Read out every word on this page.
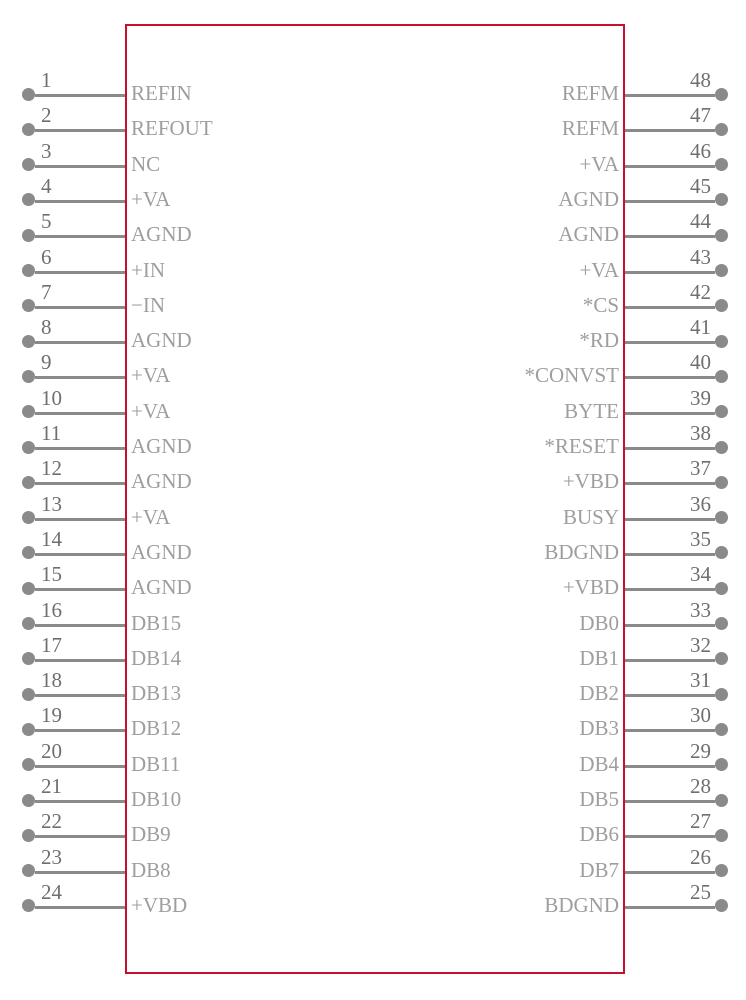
1
REFIN
2
REFOUT
3
NC
4
+VA
5
AGND
6
+IN
7
−IN
8
AGND
9
+VA
10
+VA
11
AGND
12
AGND
13
+VA
14
AGND
15
AGND
16
DB15
17
DB14
18
DB13
19
DB12
20
DB11
21
DB10
22
DB9
23
DB8
24
+VBD
48
REFM
47
REFM
46
+VA
45
AGND
44
AGND
43
+VA
42
*CS
41
*RD
40
*CONVST
39
BYTE
38
*RESET
37
+VBD
36
BUSY
35
BDGND
34
+VBD
33
DB0
32
DB1
31
DB2
30
DB3
29
DB4
28
DB5
27
DB6
26
DB7
25
BDGND
